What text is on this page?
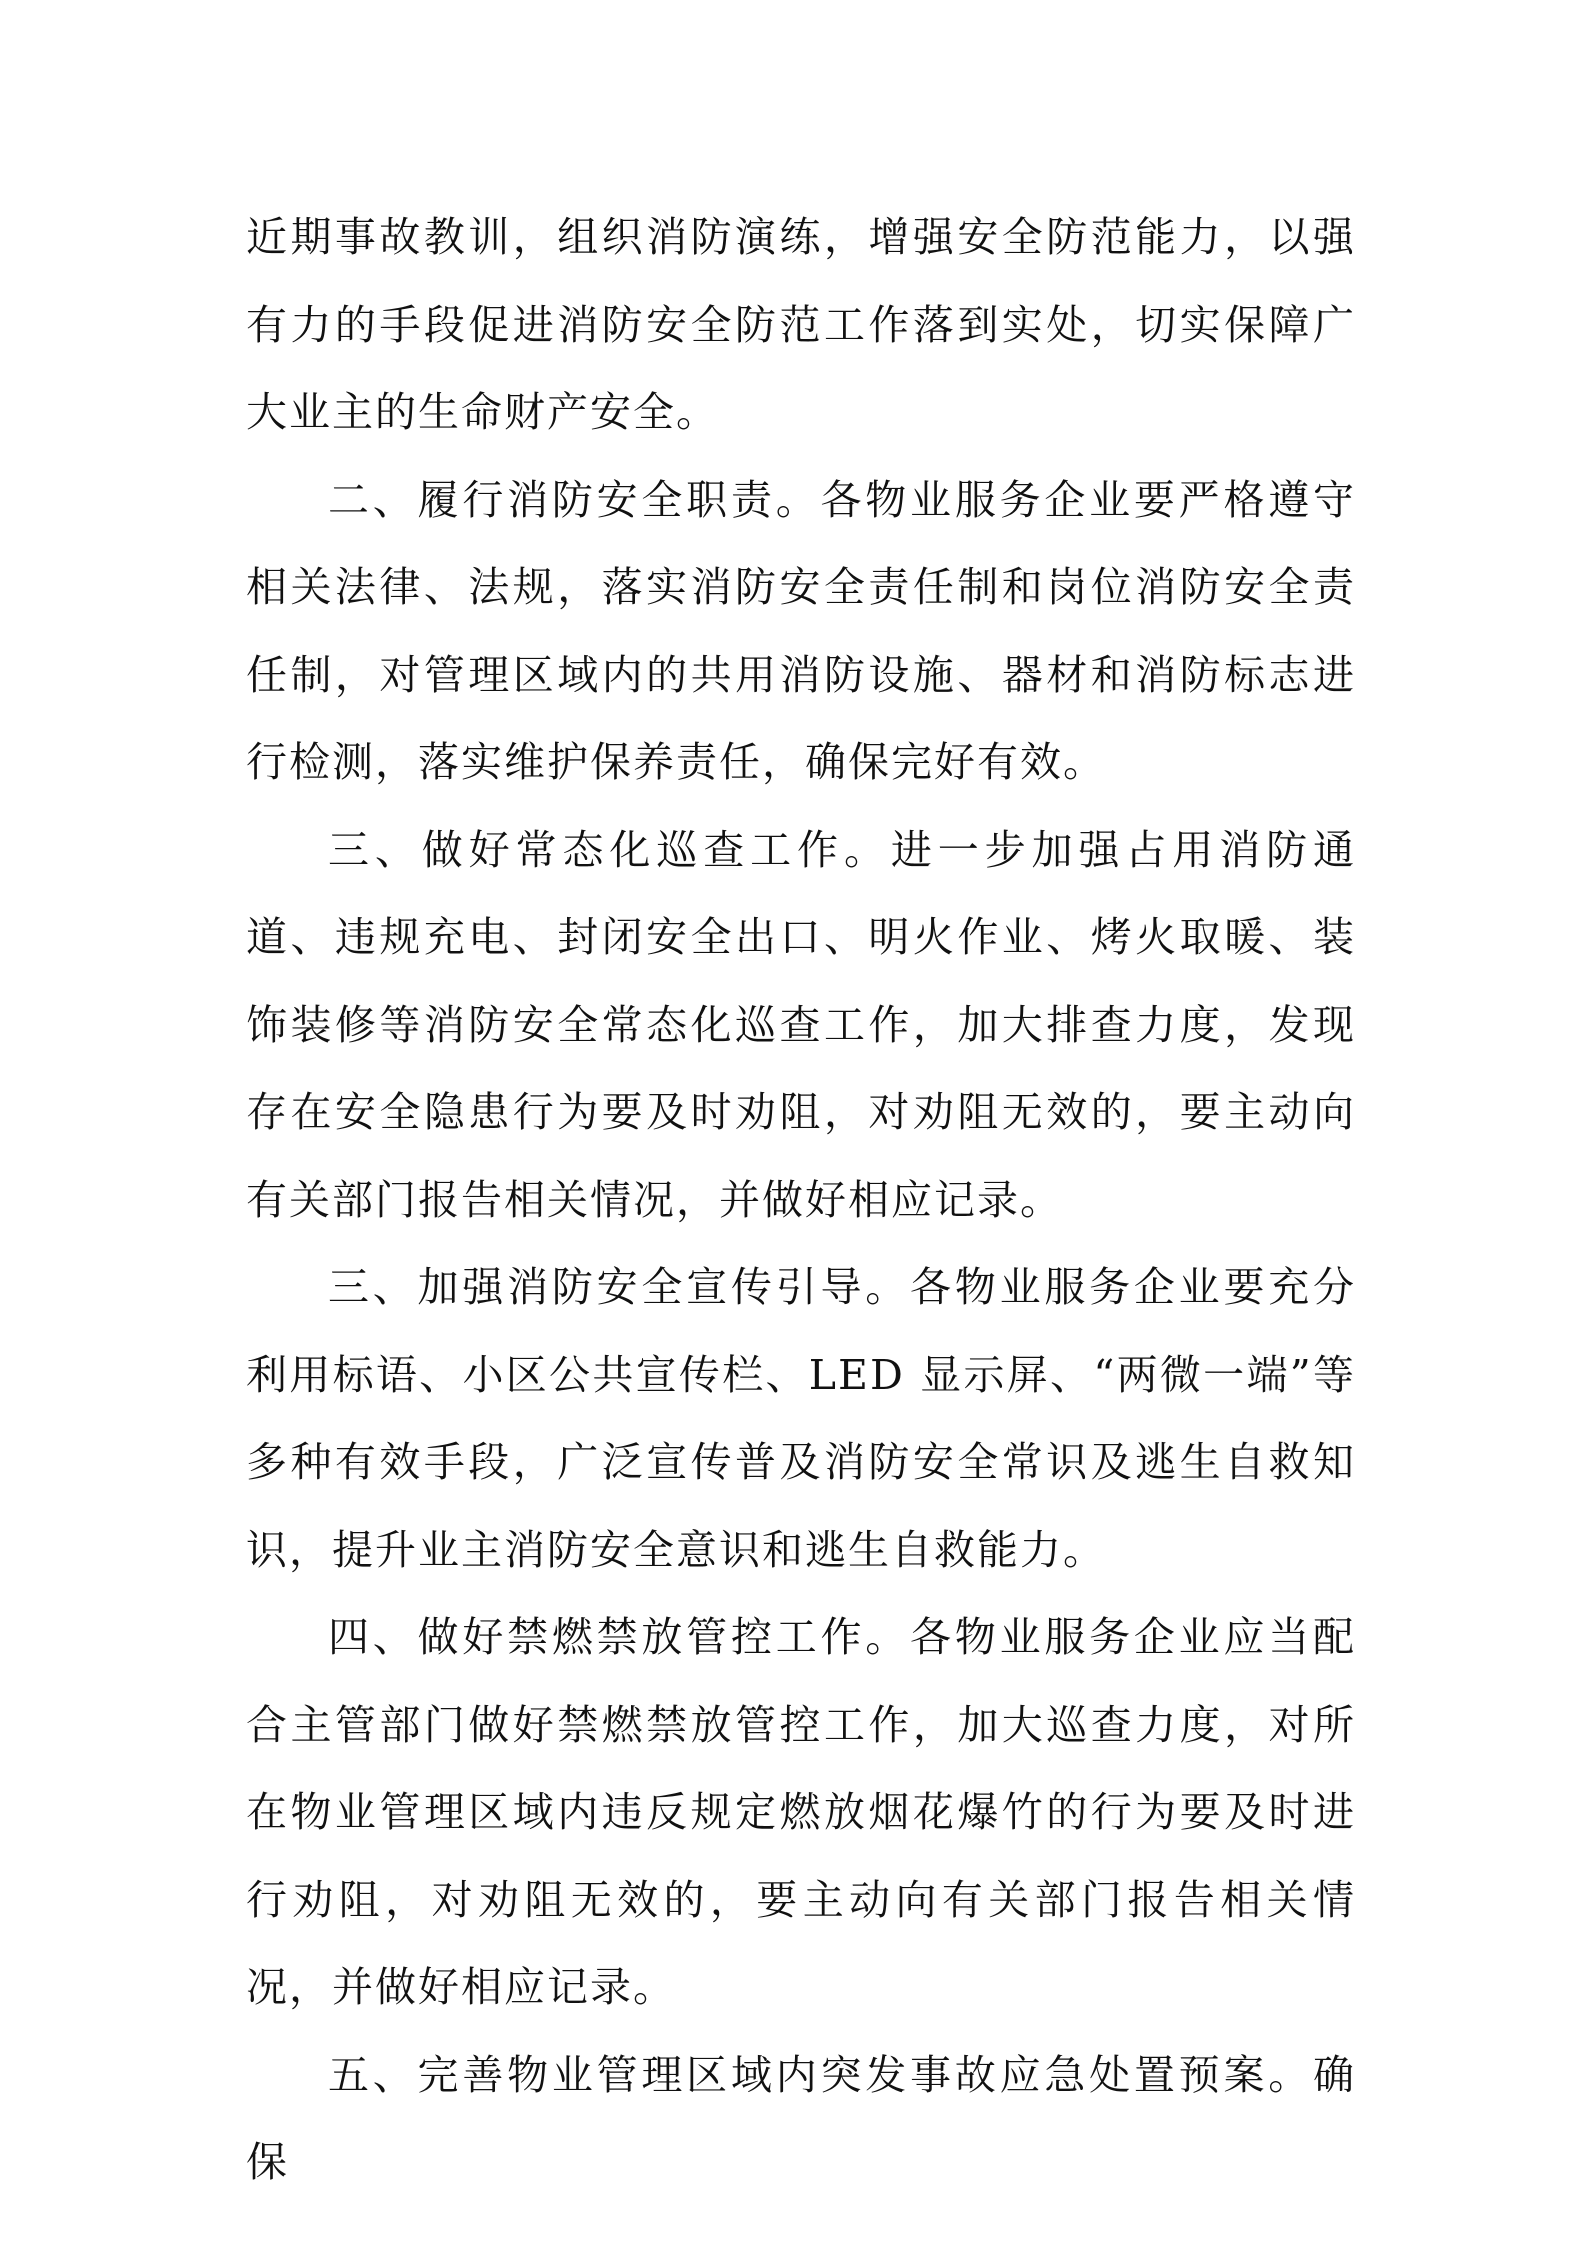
近期事故教训，组织消防演练，增强安全防范能力，以强有力的手段促进消防安全防范工作落到实处，切实保障广大业主的生命财产安全。

二、履行消防安全职责。各物业服务企业要严格遵守相关法律、法规，落实消防安全责任制和岗位消防安全责任制，对管理区域内的共用消防设施、器材和消防标志进行检测，落实维护保养责任，确保完好有效。

三、做好常态化巡查工作。进一步加强占用消防通道、违规充电、封闭安全出口、明火作业、烤火取暖、装饰装修等消防安全常态化巡查工作，加大排查力度，发现存在安全隐患行为要及时劝阻，对劝阻无效的，要主动向有关部门报告相关情况，并做好相应记录。

三、加强消防安全宣传引导。各物业服务企业要充分利用标语、小区公共宣传栏、LED 显示屏、“两微一端”等多种有效手段，广泛宣传普及消防安全常识及逃生自救知识，提升业主消防安全意识和逃生自救能力。

四、做好禁燃禁放管控工作。各物业服务企业应当配合主管部门做好禁燃禁放管控工作，加大巡查力度，对所在物业管理区域内违反规定燃放烟花爆竹的行为要及时进行劝阻，对劝阻无效的，要主动向有关部门报告相关情况，并做好相应记录。

五、完善物业管理区域内突发事故应急处置预案。确保
